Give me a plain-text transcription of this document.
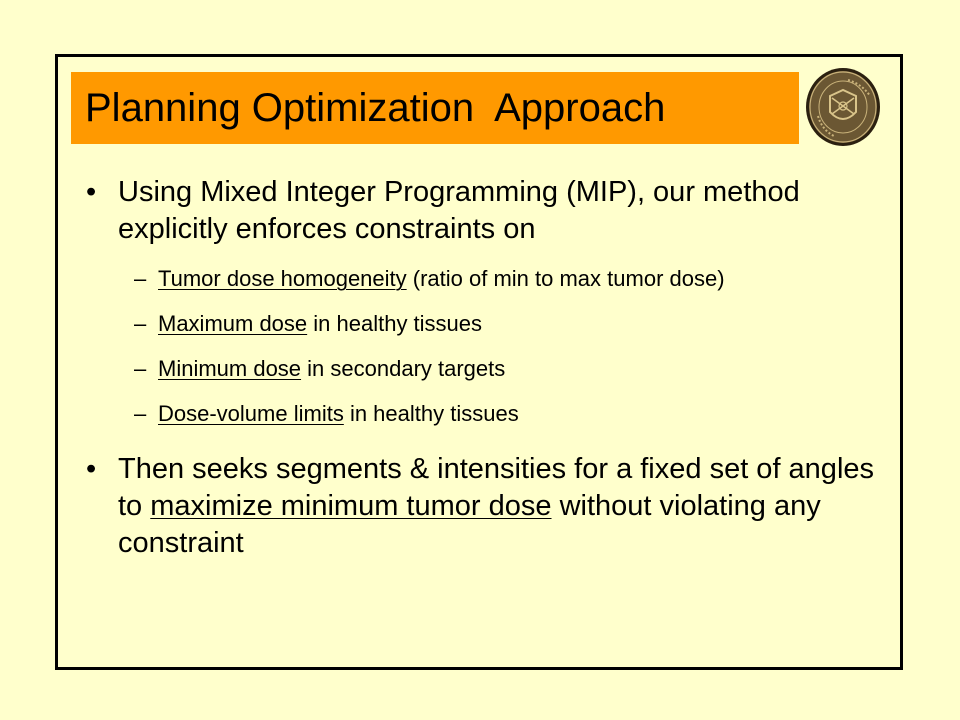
Planning Optimization  Approach
• Using Mixed Integer Programming (MIP), our method explicitly enforces constraints on
– Tumor dose homogeneity (ratio of min to max tumor dose)
– Maximum dose in healthy tissues
– Minimum dose in secondary targets
– Dose-volume limits in healthy tissues
• Then seeks segments & intensities for a fixed set of angles to maximize minimum tumor dose without violating any constraint
